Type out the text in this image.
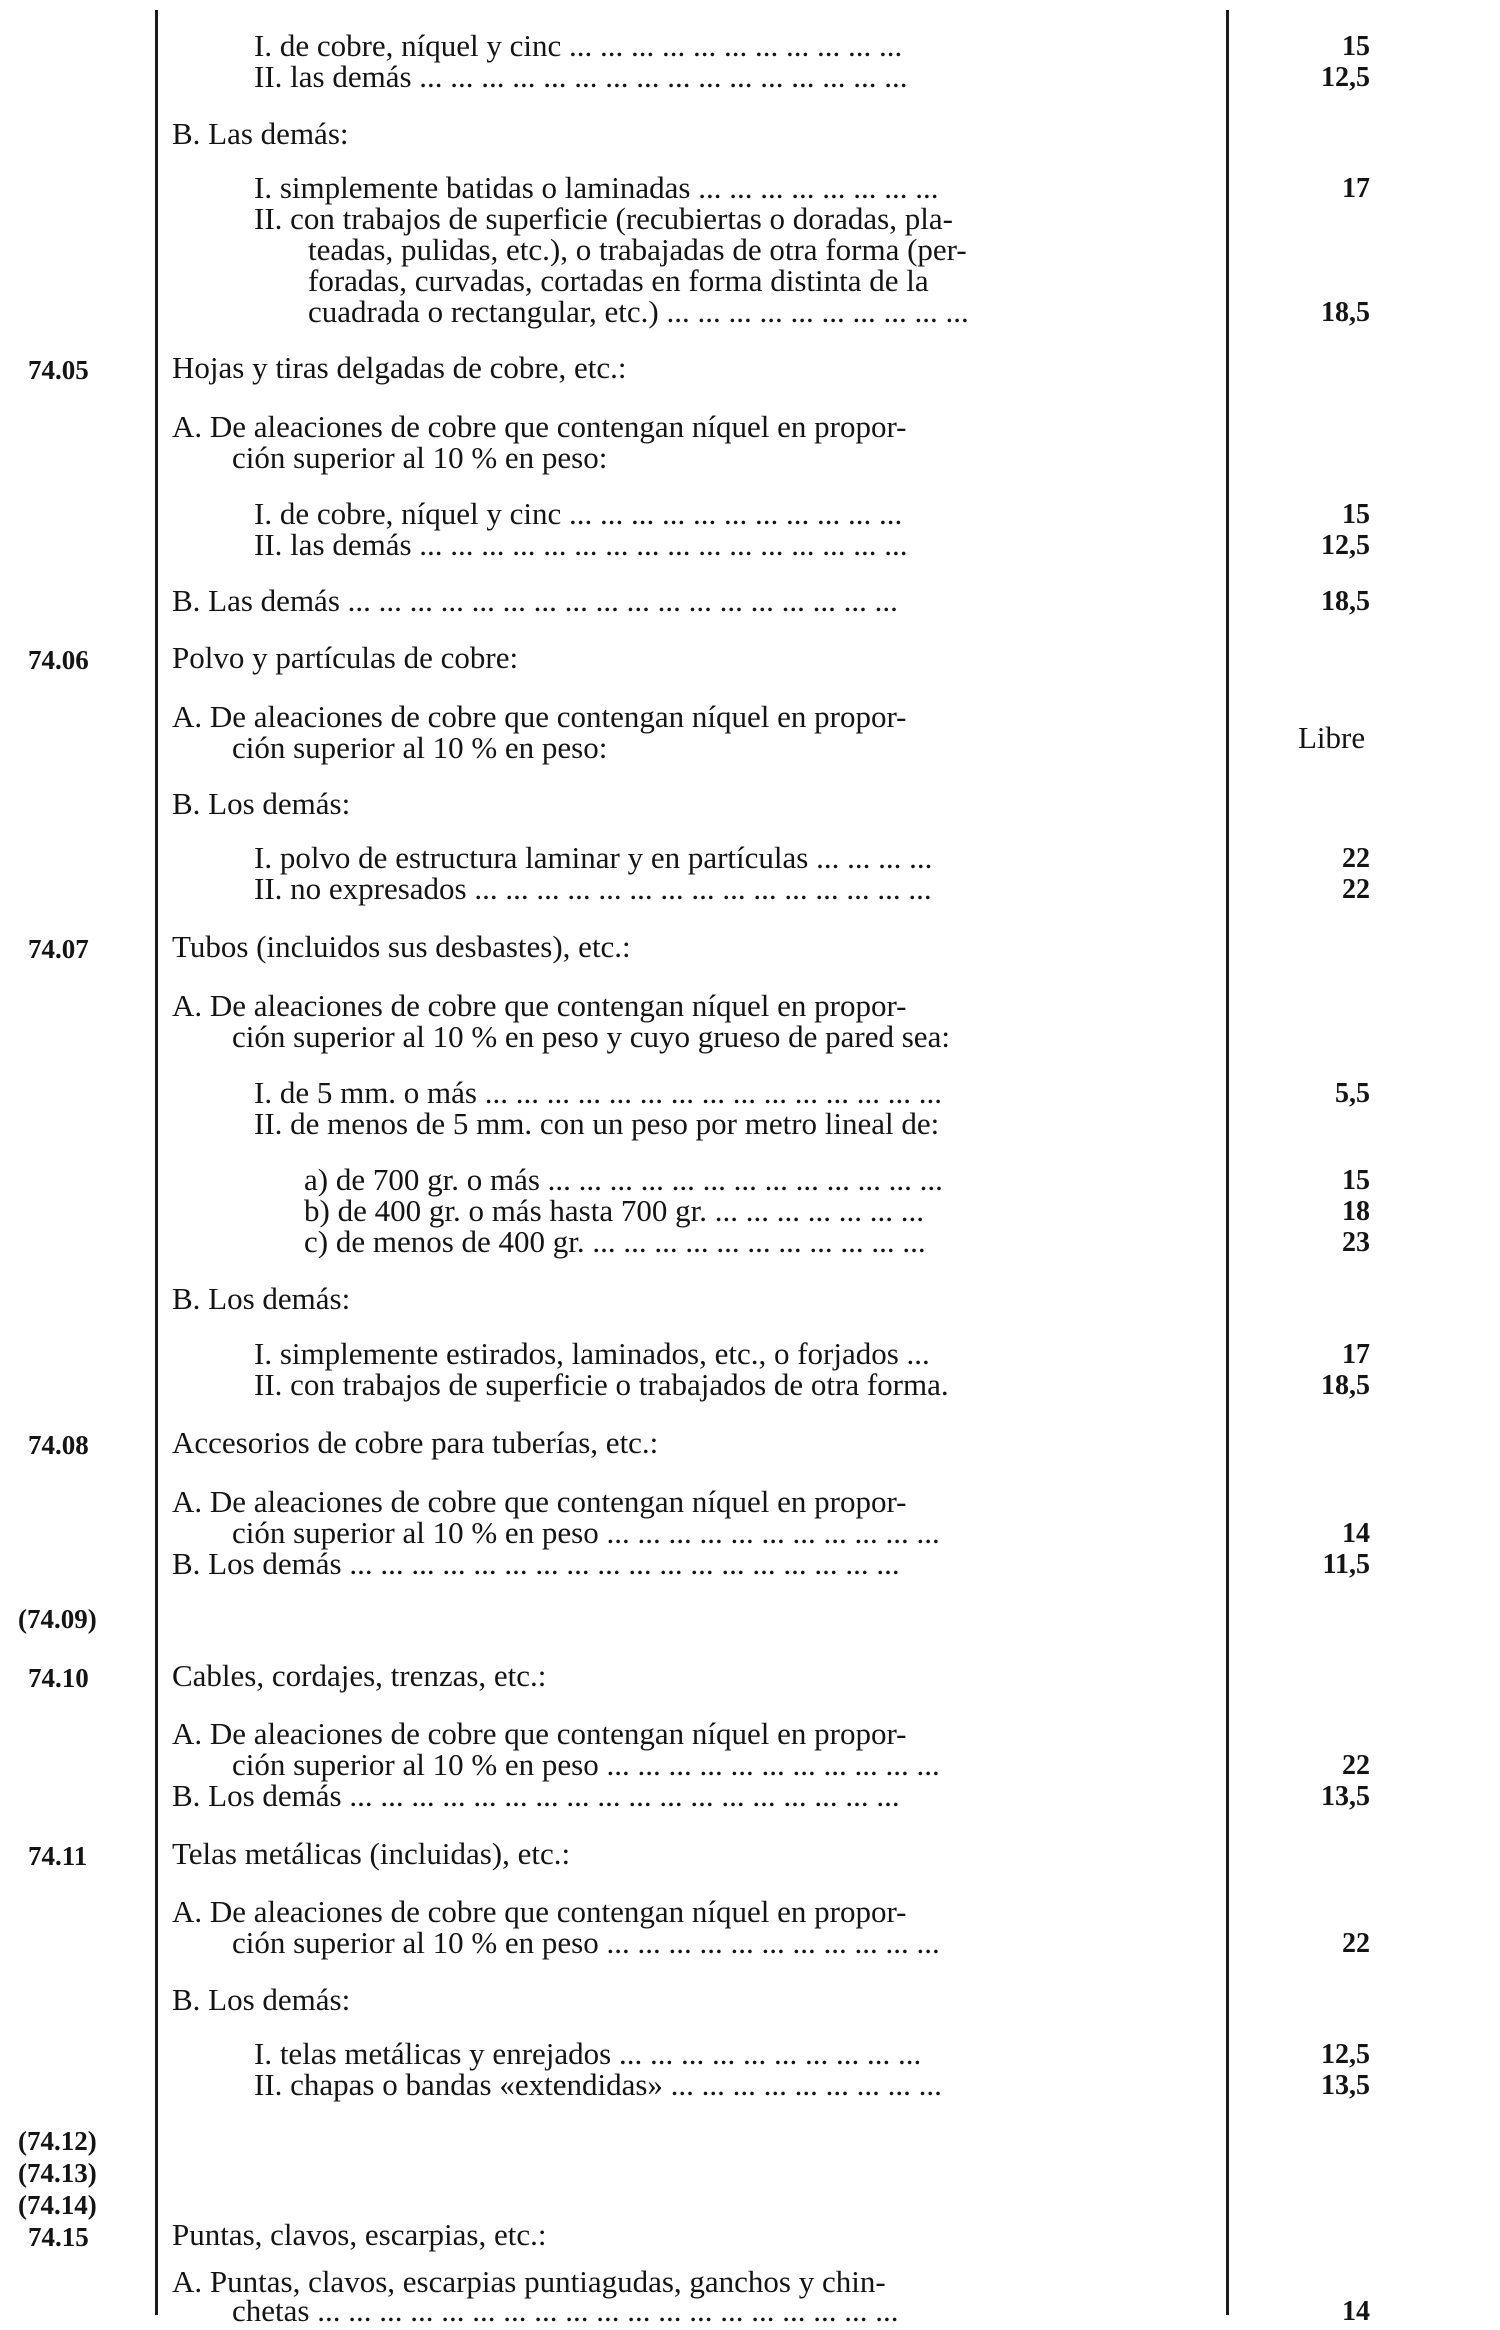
I. de cobre, níquel y cinc ... ... ... ... ... ... ... ... ... ... ...	15
II. las demás ... ... ... ... ... ... ... ... ... ... ... ... ... ... ... ...	12,5
B. Las demás:
I. simplemente batidas o laminadas ... ... ... ... ... ... ... ...	17
II. con trabajos de superficie (recubiertas o doradas, pla-
teadas, pulidas, etc.), o trabajadas de otra forma (per-
foradas, curvadas, cortadas en forma distinta de la
cuadrada o rectangular, etc.) ... ... ... ... ... ... ... ... ... ...	18,5
74.05	Hojas y tiras delgadas de cobre, etc.:
A. De aleaciones de cobre que contengan níquel en propor-
ción superior al 10 % en peso:
I. de cobre, níquel y cinc ... ... ... ... ... ... ... ... ... ... ...	15
II. las demás ... ... ... ... ... ... ... ... ... ... ... ... ... ... ... ...	12,5
B. Las demás ... ... ... ... ... ... ... ... ... ... ... ... ... ... ... ... ... ...	18,5
74.06	Polvo y partículas de cobre:
A. De aleaciones de cobre que contengan níquel en propor-
ción superior al 10 % en peso:	Libre
B. Los demás:
I. polvo de estructura laminar y en partículas ... ... ... ...	22
II. no expresados ... ... ... ... ... ... ... ... ... ... ... ... ... ... ...	22
74.07	Tubos (incluidos sus desbastes), etc.:
A. De aleaciones de cobre que contengan níquel en propor-
ción superior al 10 % en peso y cuyo grueso de pared sea:
I. de 5 mm. o más ... ... ... ... ... ... ... ... ... ... ... ... ... ... ...	5,5
II. de menos de 5 mm. con un peso por metro lineal de:
a) de 700 gr. o más ... ... ... ... ... ... ... ... ... ... ... ... ...	15
b) de 400 gr. o más hasta 700 gr. ... ... ... ... ... ... ...	18
c) de menos de 400 gr. ... ... ... ... ... ... ... ... ... ... ...	23
B. Los demás:
I. simplemente estirados, laminados, etc., o forjados ...	17
II. con trabajos de superficie o trabajados de otra forma.	18,5
74.08	Accesorios de cobre para tuberías, etc.:
A. De aleaciones de cobre que contengan níquel en propor-
ción superior al 10 % en peso ... ... ... ... ... ... ... ... ... ... ...	14
B. Los demás ... ... ... ... ... ... ... ... ... ... ... ... ... ... ... ... ... ...	11,5
(74.09)
74.10	Cables, cordajes, trenzas, etc.:
A. De aleaciones de cobre que contengan níquel en propor-
ción superior al 10 % en peso ... ... ... ... ... ... ... ... ... ... ...	22
B. Los demás ... ... ... ... ... ... ... ... ... ... ... ... ... ... ... ... ... ...	13,5
74.11	Telas metálicas (incluidas), etc.:
A. De aleaciones de cobre que contengan níquel en propor-
ción superior al 10 % en peso ... ... ... ... ... ... ... ... ... ... ...	22
B. Los demás:
I. telas metálicas y enrejados ... ... ... ... ... ... ... ... ... ...	12,5
II. chapas o bandas «extendidas» ... ... ... ... ... ... ... ... ...	13,5
(74.12)
(74.13)
(74.14)
74.15	Puntas, clavos, escarpias, etc.:
A. Puntas, clavos, escarpias puntiagudas, ganchos y chin-
chetas ... ... ... ... ... ... ... ... ... ... ... ... ... ... ... ... ... ... ...	14
